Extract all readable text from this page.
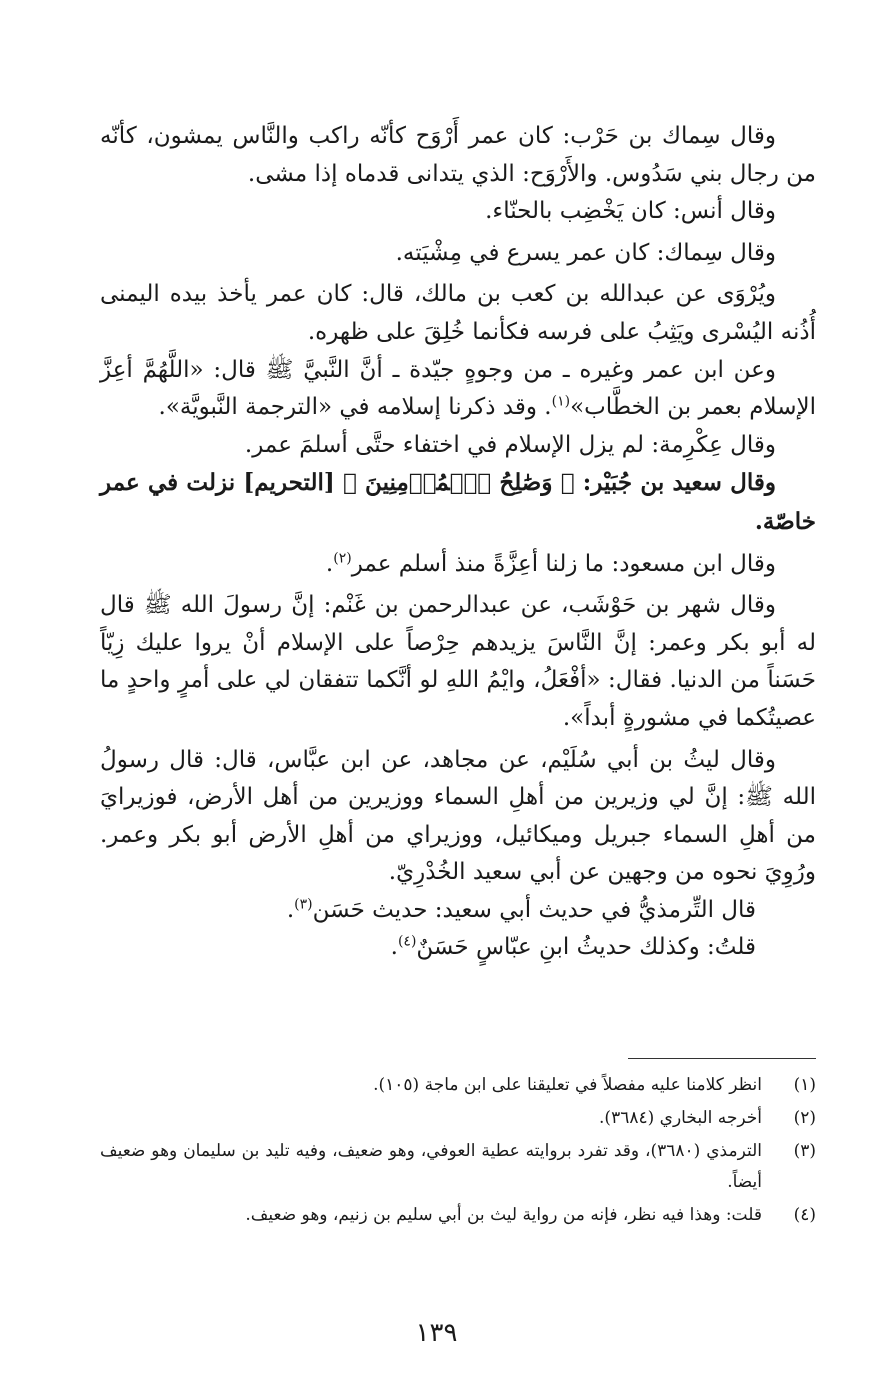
وقال سِماك بن حَرْب: كان عمر أَرْوَح كأنّه راكب والنَّاس يمشون، كأنّه من رجال بني سَدُوس. والأَرْوَح: الذي يتدانى قدماه إذا مشى.

وقال أنس: كان يَخْضِب بالحنّاء.

وقال سِماك: كان عمر يسرع في مِشْيَته.

ويُرْوَى عن عبدالله بن كعب بن مالك، قال: كان عمر يأخذ بيده اليمنى أُذُنه اليُسْرى ويَثِبُ على فرسه فكأنما خُلِقَ على ظهره.

وعن ابن عمر وغيره ـ من وجوهٍ جيّدة ـ أنَّ النَّبيَّ ﷺ قال: «اللَّهُمَّ أعِزَّ الإسلام بعمر بن الخطَّاب»$^{(١)}$. وقد ذكرنا إسلامه في «الترجمة النَّبويَّة».

وقال عِكْرِمة: لم يزل الإسلام في اختفاء حتَّى أسلمَ عمر.

وقال سعيد بن جُبَيْر: ﴿ وَصَٰلِحُ ٱلۡمُؤۡمِنِينَ ﴾ [التحريم] نزلت في عمر خاصّة.

وقال ابن مسعود: ما زلنا أعِزَّةً منذ أسلم عمر$^{(٢)}$.

وقال شهر بن حَوْشَب، عن عبدالرحمن بن غَنْم: إنَّ رسولَ الله ﷺ قال له أبو بكر وعمر: إنَّ النَّاسَ يزيدهم حِرْصاً على الإسلام أنْ يروا عليك زِيّاً حَسَناً من الدنيا. فقال: «أفْعَلُ، وايْمُ اللهِ لو أنَّكما تتفقان لي على أمرٍ واحدٍ ما عصيتُكما في مشورةٍ أبداً».

وقال ليثُ بن أبي سُلَيْم، عن مجاهد، عن ابن عبَّاس، قال: قال رسولُ الله ﷺ: إنَّ لي وزيرين من أهلِ السماء ووزيرين من أهل الأرض، فوزيرايَ من أهلِ السماء جبريل وميكائيل، ووزيراي من أهلِ الأرض أبو بكر وعمر. ورُوِيَ نحوه من وجهين عن أبي سعيد الخُدْرِيّ.

قال التِّرمذيُّ في حديث أبي سعيد: حديث حَسَن$^{(٣)}$.

قلتُ: وكذلك حديثُ ابنِ عبّاسٍ حَسَنٌ$^{(٤)}$.

(١)
انظر كلامنا عليه مفصلاً في تعليقنا على ابن ماجة (١٠٥).
(٢)
أخرجه البخاري (٣٦٨٤).
(٣)
الترمذي (٣٦٨٠)، وقد تفرد بروايته عطية العوفي، وهو ضعيف، وفيه تليد بن سليمان وهو ضعيف أيضاً.
(٤)
قلت: وهذا فيه نظر، فإنه من رواية ليث بن أبي سليم بن زنيم، وهو ضعيف.
١٣٩
